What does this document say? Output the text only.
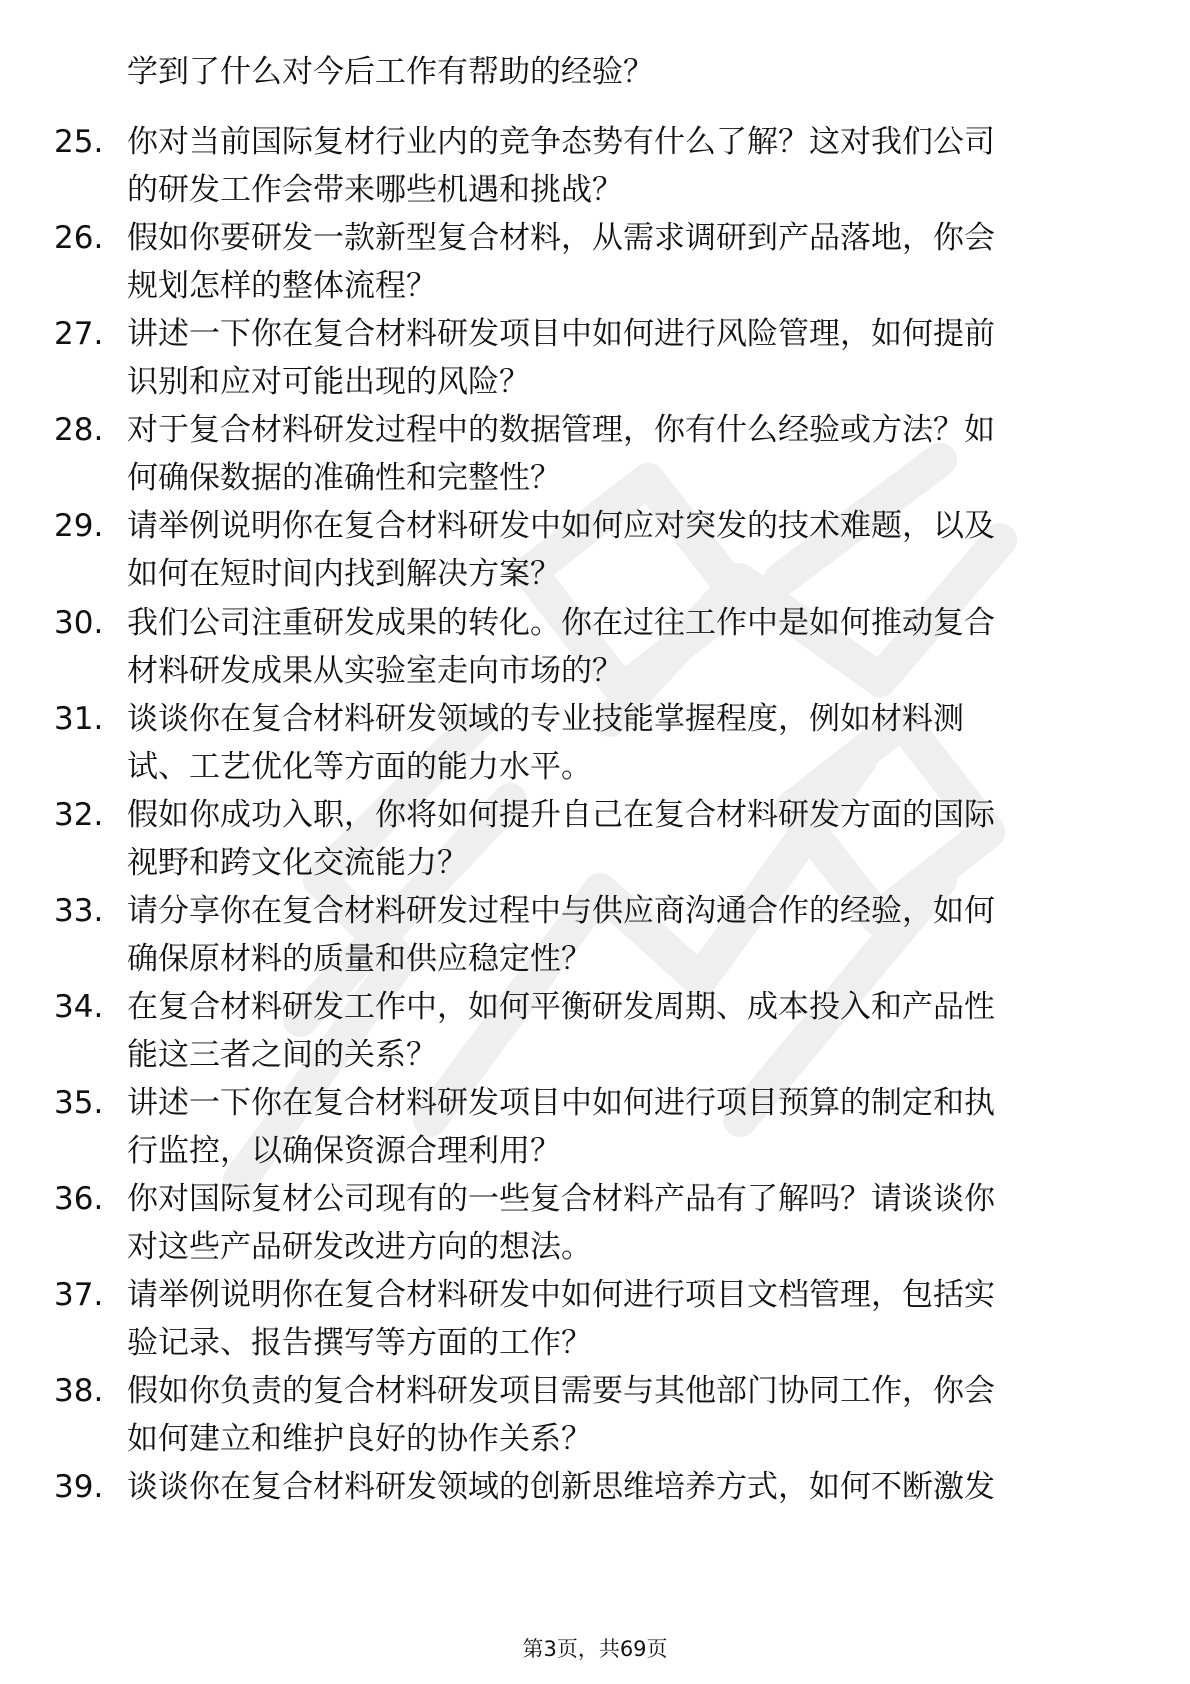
学到了什么对今后工作有帮助的经验？
25. 你对当前国际复材行业内的竞争态势有什么了解？这对我们公司
的研发工作会带来哪些机遇和挑战？
26. 假如你要研发一款新型复合材料，从需求调研到产品落地，你会
规划怎样的整体流程？
27. 讲述一下你在复合材料研发项目中如何进行风险管理，如何提前
识别和应对可能出现的风险？
28. 对于复合材料研发过程中的数据管理，你有什么经验或方法？如
何确保数据的准确性和完整性？
29. 请举例说明你在复合材料研发中如何应对突发的技术难题，以及
如何在短时间内找到解决方案？
30. 我们公司注重研发成果的转化。你在过往工作中是如何推动复合
材料研发成果从实验室走向市场的？
31. 谈谈你在复合材料研发领域的专业技能掌握程度，例如材料测
试、工艺优化等方面的能力水平。
32. 假如你成功入职，你将如何提升自己在复合材料研发方面的国际
视野和跨文化交流能力？
33. 请分享你在复合材料研发过程中与供应商沟通合作的经验，如何
确保原材料的质量和供应稳定性？
34. 在复合材料研发工作中，如何平衡研发周期、成本投入和产品性
能这三者之间的关系？
35. 讲述一下你在复合材料研发项目中如何进行项目预算的制定和执
行监控，以确保资源合理利用？
36. 你对国际复材公司现有的一些复合材料产品有了解吗？请谈谈你
对这些产品研发改进方向的想法。
37. 请举例说明你在复合材料研发中如何进行项目文档管理，包括实
验记录、报告撰写等方面的工作？
38. 假如你负责的复合材料研发项目需要与其他部门协同工作，你会
如何建立和维护良好的协作关系？
39. 谈谈你在复合材料研发领域的创新思维培养方式，如何不断激发
第3页，共69页
